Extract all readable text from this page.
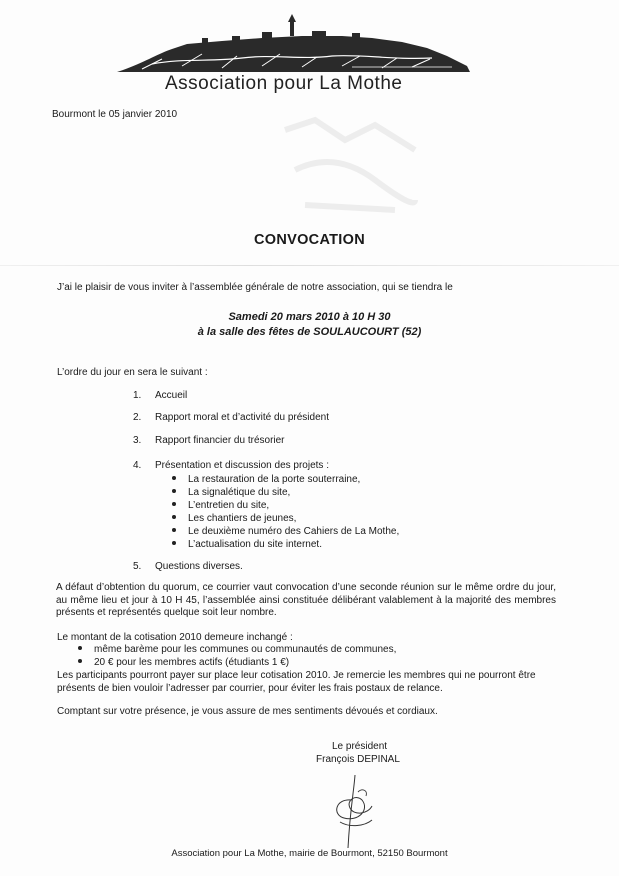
Association pour La Mothe
Bourmont le 05 janvier 2010
CONVOCATION
J’ai le plaisir de vous inviter à l’assemblée générale de notre association, qui se tiendra le
Samedi 20 mars 2010 à 10 H 30
à la salle des fêtes de SOULAUCOURT (52)
L’ordre du jour en sera le suivant :
1. Accueil
2. Rapport moral et d’activité du président
3. Rapport financier du trésorier
4. Présentation et discussion des projets :
La restauration de la porte souterraine,
La signalétique du site,
L’entretien du site,
Les chantiers de jeunes,
Le deuxième numéro des Cahiers de La Mothe,
L’actualisation du site internet.
5. Questions diverses.
A défaut d’obtention du quorum, ce courrier vaut convocation d’une seconde réunion sur le même ordre du jour, au même lieu et jour à 10 H 45, l’assemblée ainsi constituée délibérant valablement à la majorité des membres présents et représentés quelque soit leur nombre.
Le montant de la cotisation 2010 demeure inchangé :
même barème pour les communes ou communautés de communes,
20 € pour les membres actifs (étudiants 1 €)
Les participants pourront payer sur place leur cotisation 2010. Je remercie les membres qui ne pourront être
présents de bien vouloir l’adresser par courrier, pour éviter les frais postaux de relance.
Comptant sur votre présence, je vous assure de mes sentiments dévoués et cordiaux.
Le président
François DEPINAL
Association pour La Mothe, mairie de Bourmont, 52150 Bourmont
